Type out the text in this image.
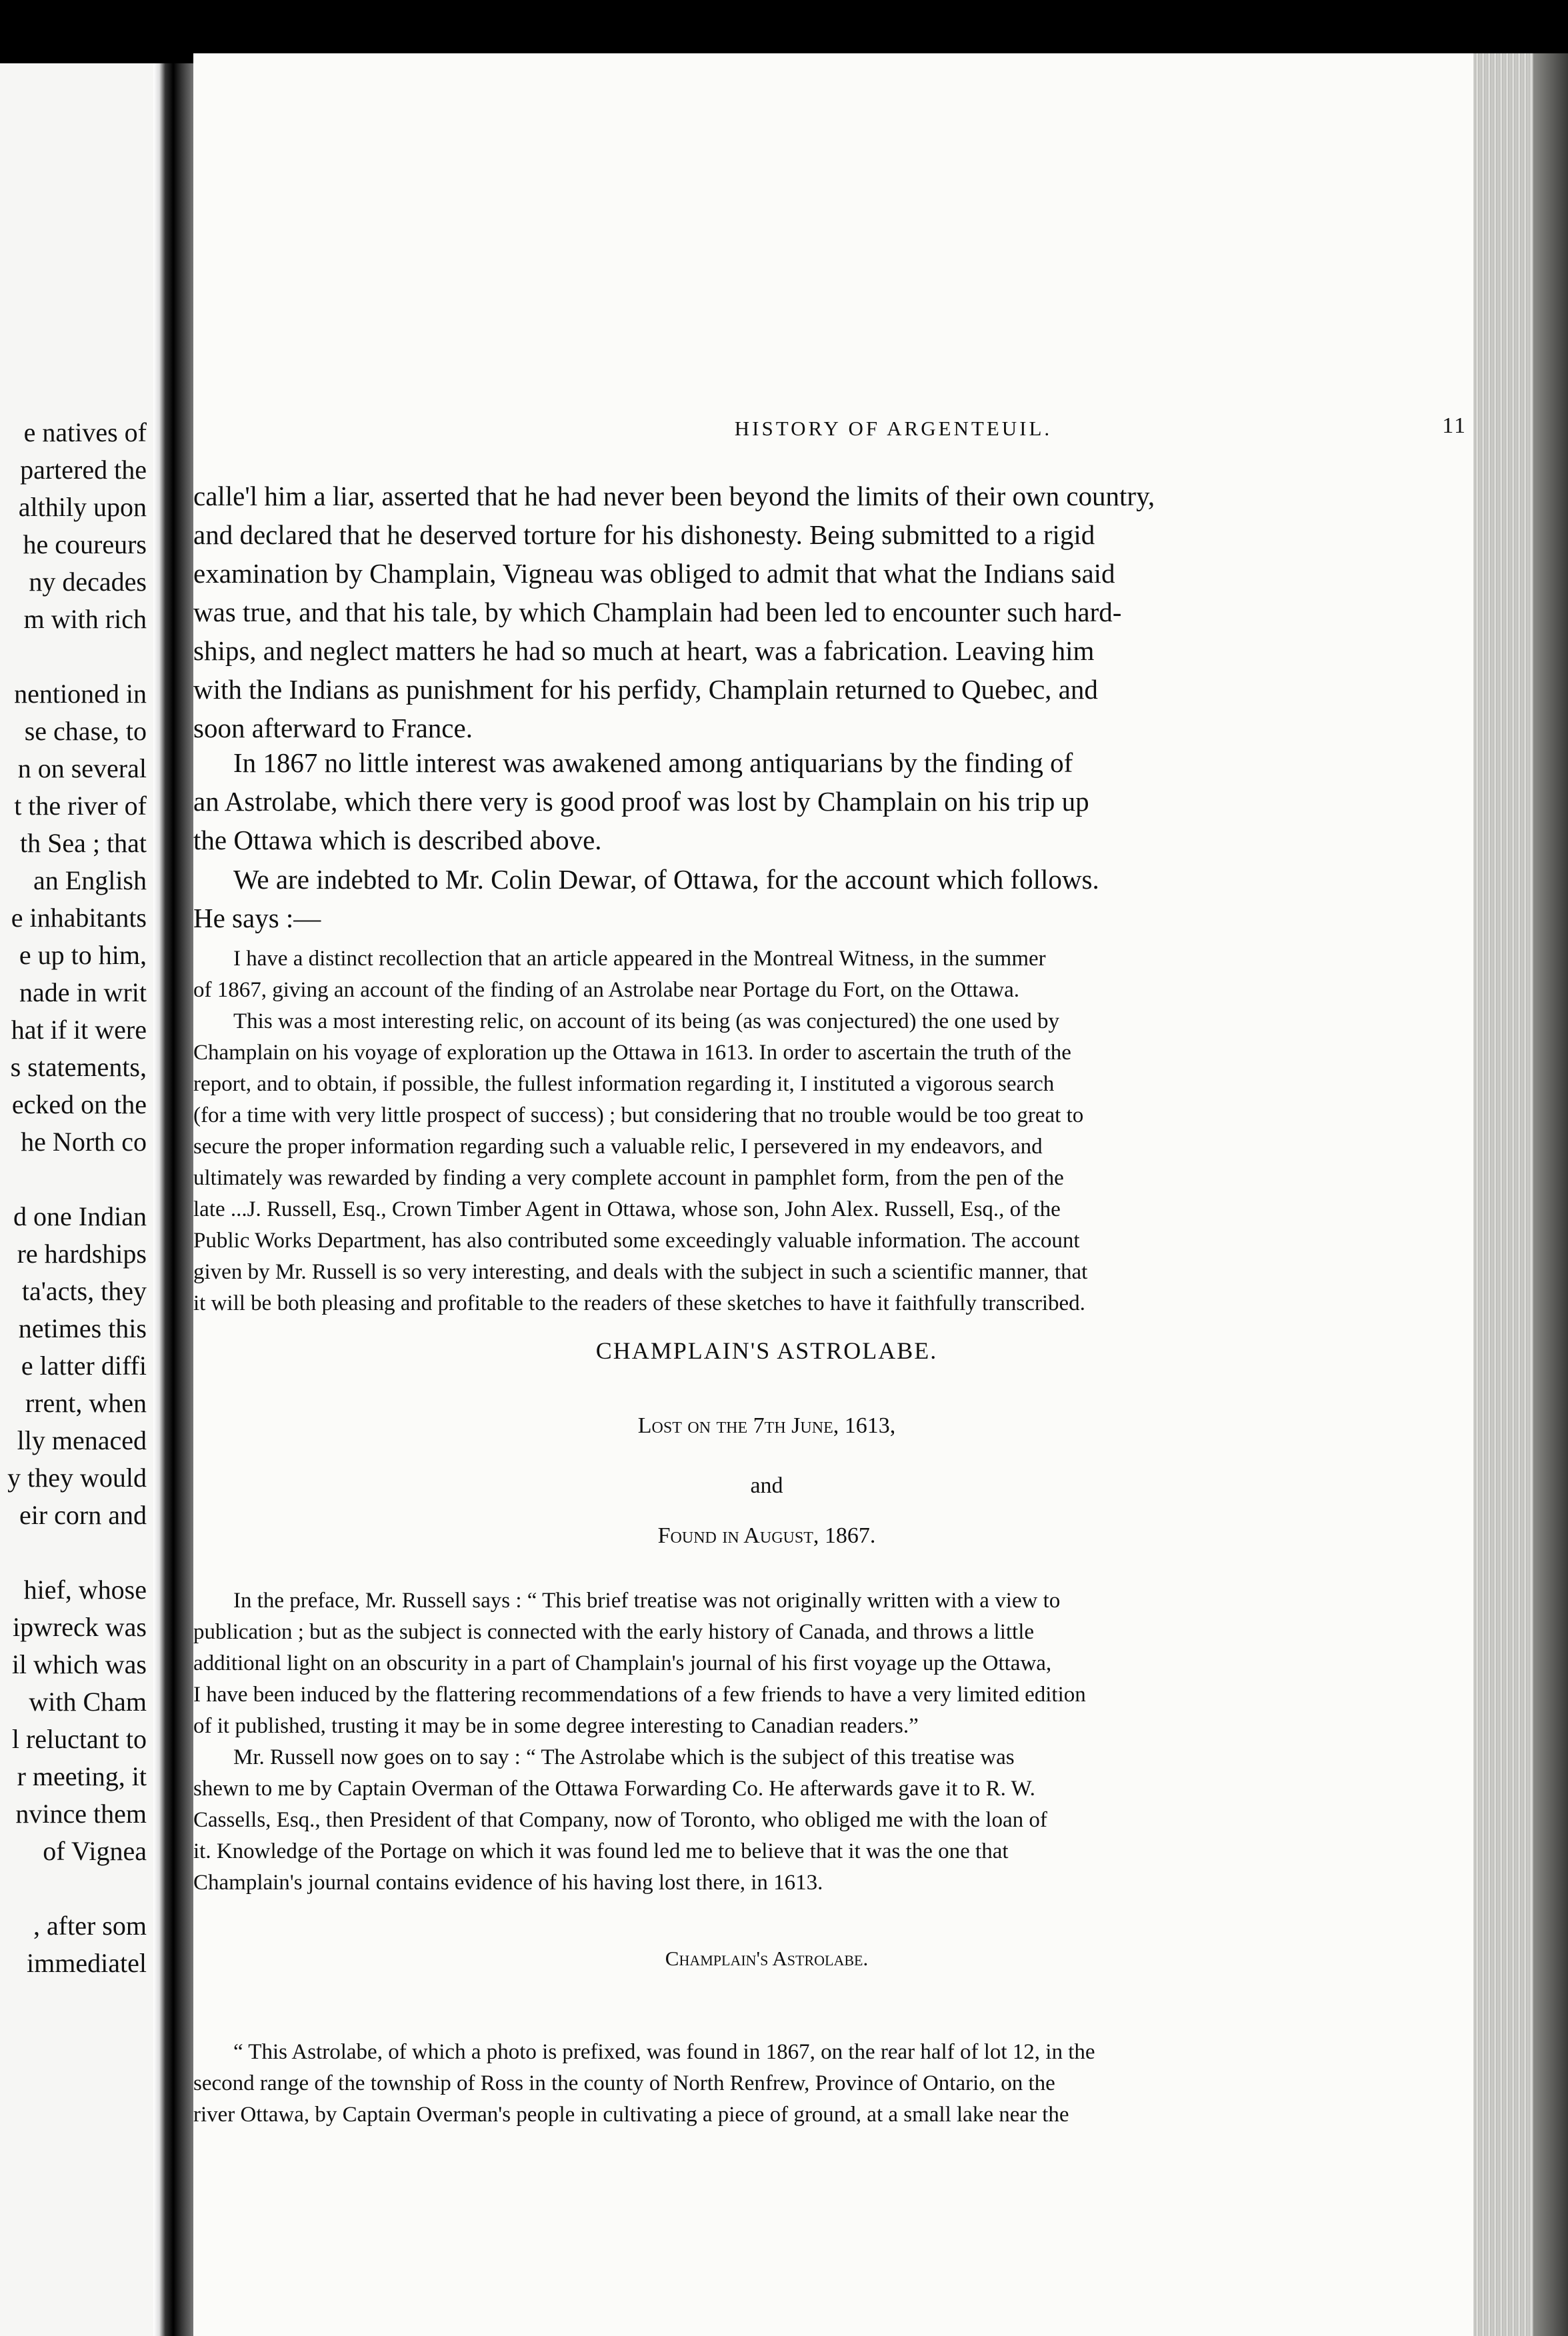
e natives of
partered the
althily upon
he coureurs
ny decades
m with rich
nentioned in
se chase, to
n on several
t the river of
th Sea ; that
an English
e inhabitants
e up to him,
nade in writ
hat if it were
s statements,
ecked on the
he North co
d one Indian
re hardships
ta'acts, they
netimes this
e latter diffi
rrent, when
lly menaced
y they would
eir corn and
hief, whose
ipwreck was
il which was
with Cham
l reluctant to
r meeting, it
nvince them
of Vignea
, after som
immediatel
HISTORY OF ARGENTEUIL.	11
calle'l him a liar, asserted that he had never been beyond the limits of their own country,
and declared that he deserved torture for his dishonesty. Being submitted to a rigid
examination by Champlain, Vigneau was obliged to admit that what the Indians said
was true, and that his tale, by which Champlain had been led to encounter such hard-
ships, and neglect matters he had so much at heart, was a fabrication. Leaving him
with the Indians as punishment for his perfidy, Champlain returned to Quebec, and
soon afterward to France.
In 1867 no little interest was awakened among antiquarians by the finding of
an Astrolabe, which there very is good proof was lost by Champlain on his trip up
the Ottawa which is described above.
We are indebted to Mr. Colin Dewar, of Ottawa, for the account which follows.
He says :—
I have a distinct recollection that an article appeared in the Montreal Witness, in the summer
of 1867, giving an account of the finding of an Astrolabe near Portage du Fort, on the Ottawa.
This was a most interesting relic, on account of its being (as was conjectured) the one used by
Champlain on his voyage of exploration up the Ottawa in 1613. In order to ascertain the truth of the
report, and to obtain, if possible, the fullest information regarding it, I instituted a vigorous search
(for a time with very little prospect of success) ; but considering that no trouble would be too great to
secure the proper information regarding such a valuable relic, I persevered in my endeavors, and
ultimately was rewarded by finding a very complete account in pamphlet form, from the pen of the
late ...J. Russell, Esq., Crown Timber Agent in Ottawa, whose son, John Alex. Russell, Esq., of the
Public Works Department, has also contributed some exceedingly valuable information. The account
given by Mr. Russell is so very interesting, and deals with the subject in such a scientific manner, that
it will be both pleasing and profitable to the readers of these sketches to have it faithfully transcribed.
CHAMPLAIN'S ASTROLABE.
Lost on the 7th June, 1613,
and
Found in August, 1867.
In the preface, Mr. Russell says : “ This brief treatise was not originally written with a view to
publication ; but as the subject is connected with the early history of Canada, and throws a little
additional light on an obscurity in a part of Champlain's journal of his first voyage up the Ottawa,
I have been induced by the flattering recommendations of a few friends to have a very limited edition
of it published, trusting it may be in some degree interesting to Canadian readers.”
Mr. Russell now goes on to say : “ The Astrolabe which is the subject of this treatise was
shewn to me by Captain Overman of the Ottawa Forwarding Co. He afterwards gave it to R. W.
Cassells, Esq., then President of that Company, now of Toronto, who obliged me with the loan of
it. Knowledge of the Portage on which it was found led me to believe that it was the one that
Champlain's journal contains evidence of his having lost there, in 1613.
Champlain's Astrolabe.
“ This Astrolabe, of which a photo is prefixed, was found in 1867, on the rear half of lot 12, in the
second range of the township of Ross in the county of North Renfrew, Province of Ontario, on the
river Ottawa, by Captain Overman's people in cultivating a piece of ground, at a small lake near the
